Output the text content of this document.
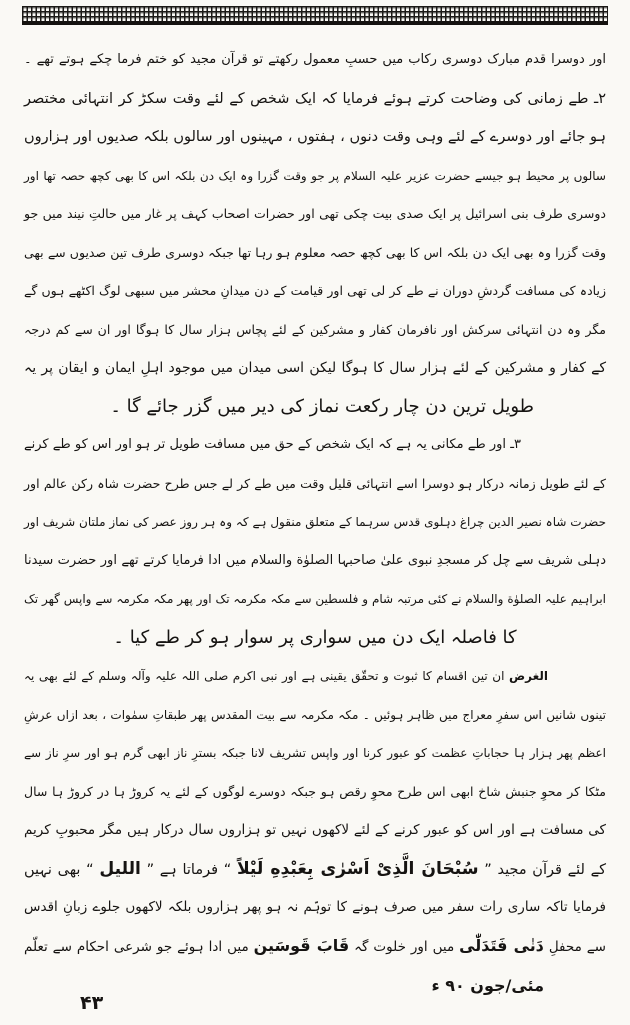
اور دوسرا قدم مبارک دوسری رکاب میں حسبِ معمول رکھتے تو قرآن مجید کو ختم فرما چکے ہوتے تھے ۔
۲ـ طے زمانی کی وضاحت کرتے ہوئے فرمایا کہ ایک شخص کے لئے وقت سکڑ کر انتہائی مختصر
ہو جائے اور دوسرے کے لئے وہی وقت دنوں ، ہفتوں ، مہینوں اور سالوں بلکہ صدیوں اور ہزاروں
سالوں پر محیط ہو جیسے حضرت عزیر علیہ السلام پر جو وقت گزرا وہ ایک دن بلکہ اس کا بھی کچھ حصہ تھا اور
دوسری طرف بنی اسرائیل پر ایک صدی بیت چکی تھی اور حضرات اصحاب کہف پر غار میں حالتِ نیند میں جو
وقت گزرا وہ بھی ایک دن بلکہ اس کا بھی کچھ حصہ معلوم ہو رہا تھا جبکہ دوسری طرف تین صدیوں سے بھی
زیادہ کی مسافت گردشِ دوران نے طے کر لی تھی اور قیامت کے دن میدانِ محشر میں سبھی لوگ اکٹھے ہوں گے
مگر وہ دن انتہائی سرکش اور نافرمان کفار و مشرکین کے لئے پچاس ہزار سال کا ہوگا اور ان سے کم درجہ
کے کفار و مشرکین کے لئے ہزار سال کا ہوگا لیکن اسی میدان میں موجود اہلِ ایمان و ایقان پر یہ
طویل ترین دن چار رکعت نماز کی دیر میں گزر جائے گا ۔
۳ـ اور طے مکانی یہ ہے کہ ایک شخص کے حق میں مسافت طویل تر ہو اور اس کو طے کرنے
کے لئے طویل زمانہ درکار ہو دوسرا اسے انتہائی قلیل وقت میں طے کر لے جس طرح حضرت شاہ رکن عالم اور
حضرت شاہ نصیر الدین چراغ دہلوی قدس سرہما کے متعلق منقول ہے کہ وہ ہر روز عصر کی نماز ملتان شریف اور
دہلی شریف سے چل کر مسجدِ نبوی علیٰ صاحبہا الصلوٰة والسلام میں ادا فرمایا کرتے تھے اور حضرت سیدنا
ابراہیم علیہ الصلوٰة والسلام نے کئی مرتبہ شام و فلسطین سے مکہ مکرمہ تک اور پھر مکہ مکرمہ سے واپس گھر تک
کا فاصلہ ایک دن میں سواری پر سوار ہو کر طے کیا ۔
الغرض ان تین اقسام کا ثبوت و تحقّق یقینی ہے اور نبی اکرم صلی اللہ علیہ وآلہ وسلم کے لئے بھی یہ
تینوں شانیں اس سفرِ معراج میں ظاہر ہوئیں ۔ مکہ مکرمہ سے بیت المقدس پھر طبقاتِ سمٰوات ، بعد ازاں عرشِ
اعظم پھر ہزار ہا حجاباتِ عظمت کو عبور کرنا اور واپس تشریف لانا جبکہ بسترِ ناز ابھی گرم ہو اور سرِ ناز سے
مٹکا کر محوِ جنبش شاخ ابھی اس طرح محوِ رقص ہو جبکہ دوسرے لوگوں کے لئے یہ کروڑ ہا در کروڑ ہا سال
کی مسافت ہے اور اس کو عبور کرنے کے لئے لاکھوں نہیں تو ہزاروں سال درکار ہیں مگر محبوبِ کریم
کے لئے قرآن مجید ” سُبْحَانَ الَّذِیْ اَسْرٰی بِعَبْدِهِ لَیْلاً “ فرماتا ہے ” اللیل “ بھی نہیں
فرمایا تاکہ ساری رات سفر میں صرف ہونے کا توہّم نہ ہو پھر ہزاروں بلکہ لاکھوں جلوے زبانِ اقدس
سے محفلِ دَنٰی فَتَدَلّٰی میں اور خلوت گہ قَابَ قَوسَین میں ادا ہوئے جو شرعی احکام سے تعلّم
مئی/جون ۹۰ ء
۴۳
